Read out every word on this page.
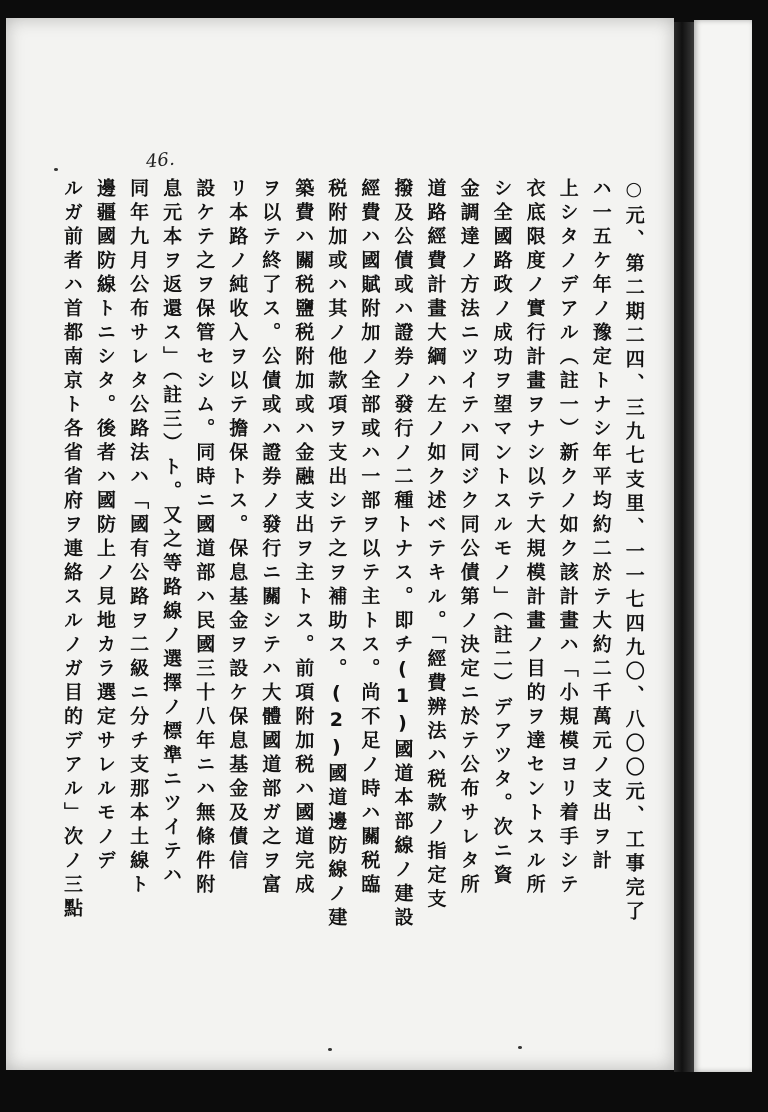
46.
○元、第二期二四、三九七支里、一一七四九〇、八〇〇元、工事完了
ハ一五ケ年ノ豫定トナシ年平均約二於テ大約二千萬元ノ支出ヲ計
上シタノデアル（註一）新クノ如ク該計畫ハ「小規模ヨリ着手シテ
衣底限度ノ實行計畫ヲナシ以テ大規模計畫ノ目的ヲ達セントスル所
シ全國路政ノ成功ヲ望マントスルモノ」（註二）デアツタ。次ニ資
金調達ノ方法ニツイテハ同ジク同公債第ノ決定ニ於テ公布サレタ所
道路經費計畫大綱ハ左ノ如ク述ベテキル。「經費辨法ハ税款ノ指定支
撥及公債或ハ證券ノ發行ノ二種トナス。即チ(1)國道本部線ノ建設
經費ハ國賦附加ノ全部或ハ一部ヲ以テ主トス。尚不足ノ時ハ關税臨
税附加或ハ其ノ他款項ヲ支出シテ之ヲ補助ス。(2)國道邊防線ノ建
築費ハ關税鹽税附加或ハ金融支出ヲ主トス。前項附加税ハ國道完成
ヲ以テ終了ス。公債或ハ證券ノ發行ニ關シテハ大體國道部ガ之ヲ富
リ本路ノ純收入ヲ以テ擔保トス。保息基金ヲ設ケ保息基金及債信
設ケテ之ヲ保管セシム。同時ニ國道部ハ民國三十八年ニハ無條件附
息元本ヲ返還ス」（註三）ト。又之等路線ノ選擇ノ標準ニツイテハ
同年九月公布サレタ公路法ハ「國有公路ヲ二級ニ分チ支那本土線ト
邊疆國防線トニシタ。後者ハ國防上ノ見地カラ選定サレルモノデ
ルガ前者ハ首都南京ト各省省府ヲ連絡スルノガ目的デアル」次ノ三點
